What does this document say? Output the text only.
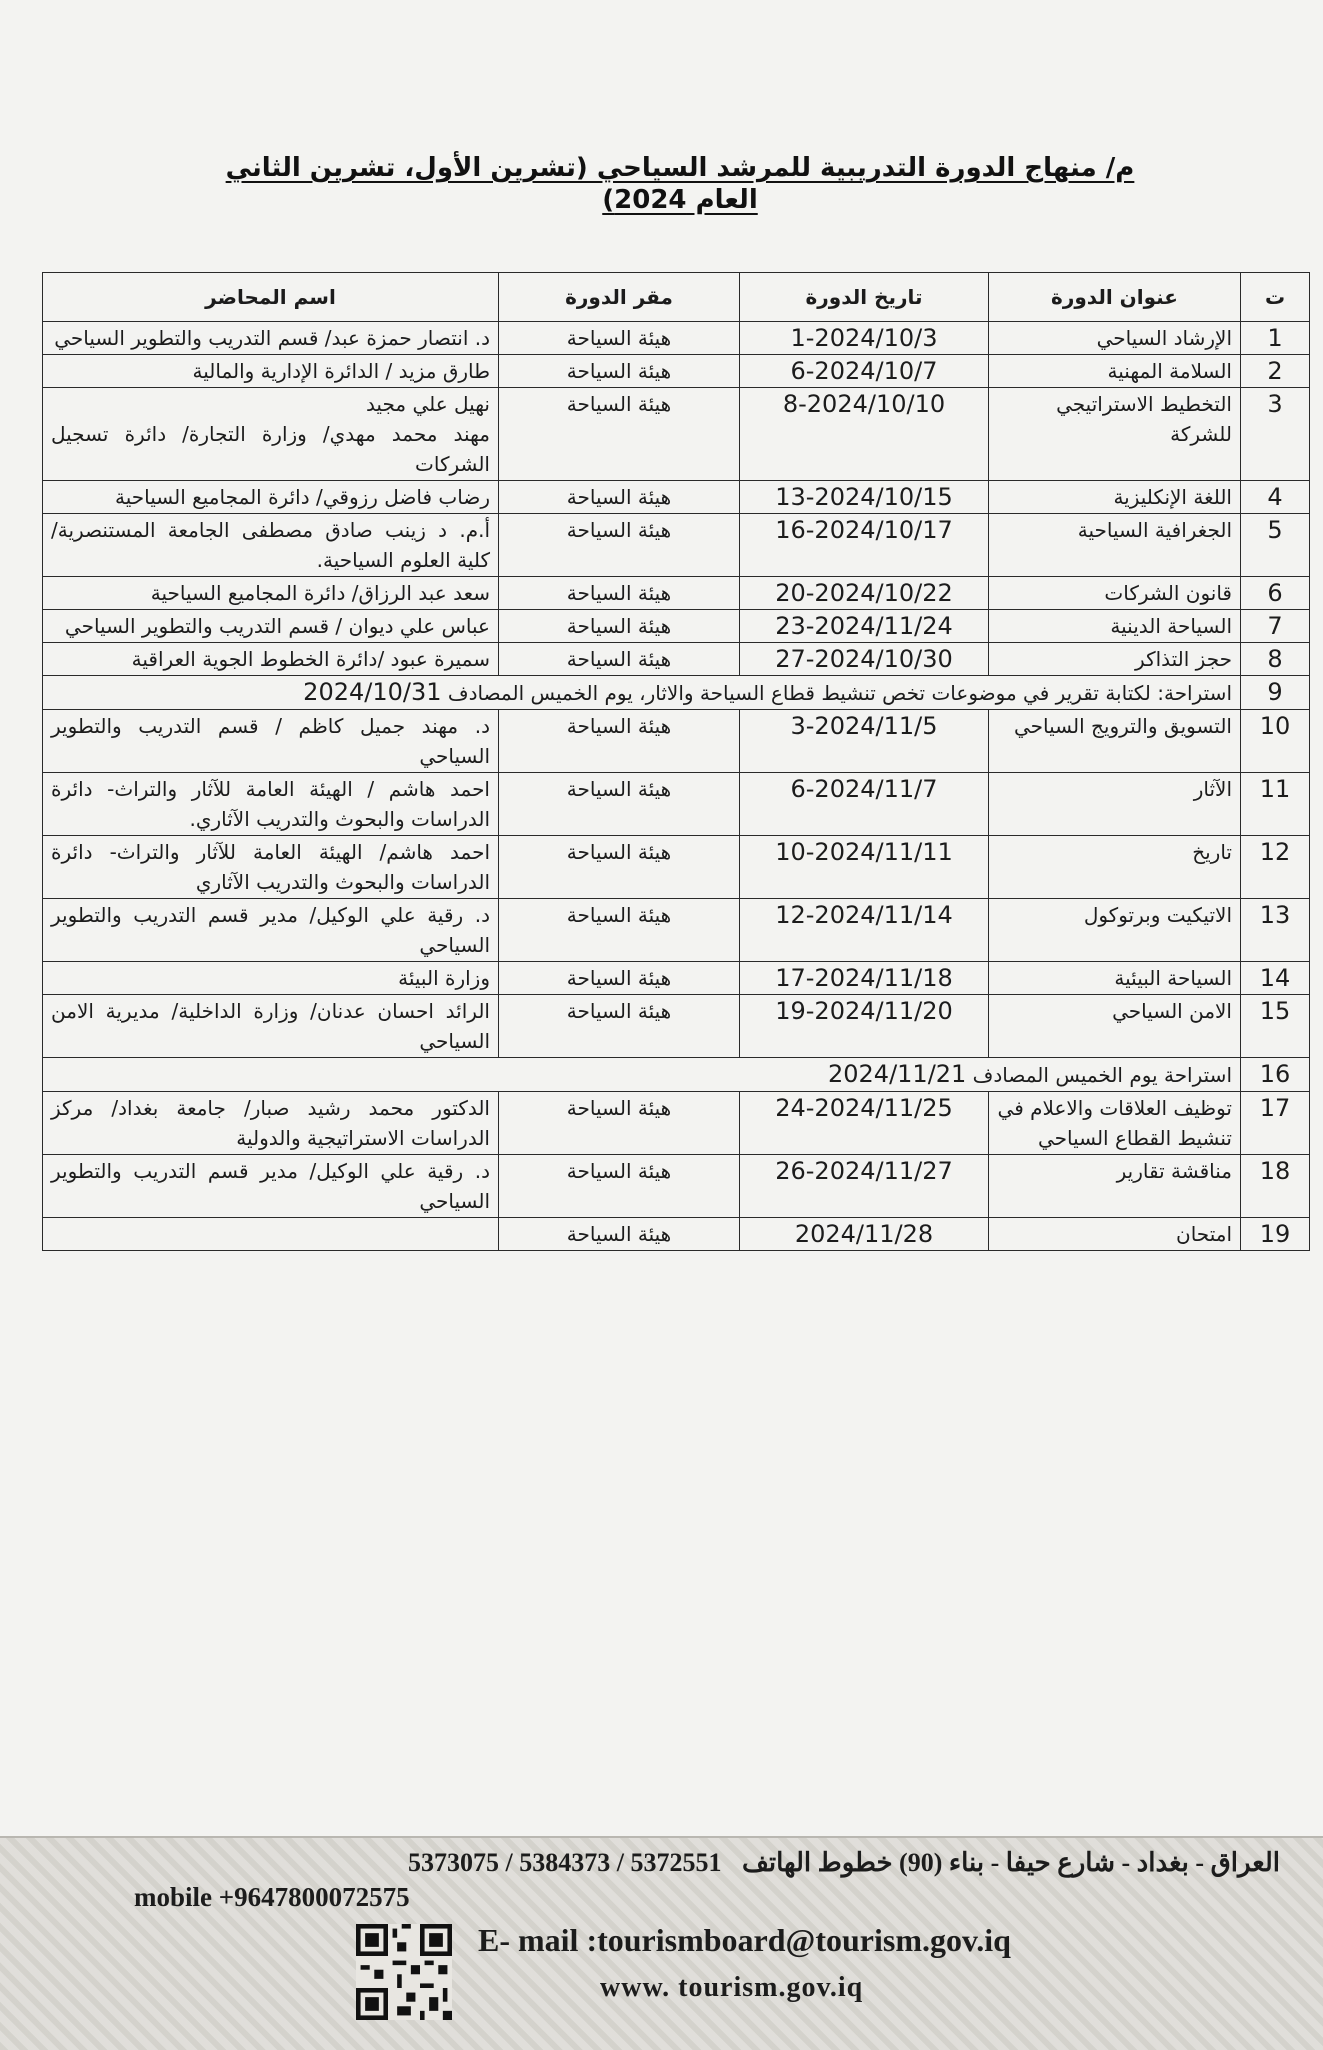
م/ منهاج الدورة التدريبية للمرشد السياحي (تشرين الأول، تشرين الثاني العام 2024)
ت	عنوان الدورة	تاريخ الدورة	مقر الدورة	اسم المحاضر
1	الإرشاد السياحي	1-2024/10/3	هيئة السياحة	د. انتصار حمزة عبد/ قسم التدريب والتطوير السياحي
2	السلامة المهنية	6-2024/10/7	هيئة السياحة	طارق مزيد / الدائرة الإدارية والمالية
3	التخطيط الاستراتيجي للشركة	8-2024/10/10	هيئة السياحة	نهيل علي مجيد
مهند محمد مهدي/ وزارة التجارة/ دائرة تسجيل الشركات
4	اللغة الإنكليزية	13-2024/10/15	هيئة السياحة	رضاب فاضل رزوقي/ دائرة المجاميع السياحية
5	الجغرافية السياحية	16-2024/10/17	هيئة السياحة	أ.م. د زينب صادق مصطفى الجامعة المستنصرية/ كلية العلوم السياحية.
6	قانون الشركات	20-2024/10/22	هيئة السياحة	سعد عبد الرزاق/ دائرة المجاميع السياحية
7	السياحة الدينية	23-2024/11/24	هيئة السياحة	عباس علي ديوان / قسم التدريب والتطوير السياحي
8	حجز التذاكر	27-2024/10/30	هيئة السياحة	سميرة عبود /دائرة الخطوط الجوية العراقية
9	استراحة: لكتابة تقرير في موضوعات تخص تنشيط قطاع السياحة والاثار، يوم الخميس المصادف 2024/10/31			
10	التسويق والترويج السياحي	3-2024/11/5	هيئة السياحة	د. مهند جميل كاظم / قسم التدريب والتطوير السياحي
11	الآثار	6-2024/11/7	هيئة السياحة	احمد هاشم / الهيئة العامة للآثار والتراث- دائرة الدراسات والبحوث والتدريب الآثاري.
12	تاريخ	10-2024/11/11	هيئة السياحة	احمد هاشم/ الهيئة العامة للآثار والتراث- دائرة الدراسات والبحوث والتدريب الآثاري
13	الاتيكيت وبرتوكول	12-2024/11/14	هيئة السياحة	د. رقية علي الوكيل/ مدير قسم التدريب والتطوير السياحي
14	السياحة البيئية	17-2024/11/18	هيئة السياحة	وزارة البيئة
15	الامن السياحي	19-2024/11/20	هيئة السياحة	الرائد احسان عدنان/ وزارة الداخلية/ مديرية الامن السياحي
16	استراحة يوم الخميس المصادف 2024/11/21			
17	توظيف العلاقات والاعلام في تنشيط القطاع السياحي	24-2024/11/25	هيئة السياحة	الدكتور محمد رشيد صبار/ جامعة بغداد/ مركز الدراسات الاستراتيجية والدولية
18	مناقشة تقارير	26-2024/11/27	هيئة السياحة	د. رقية علي الوكيل/ مدير قسم التدريب والتطوير السياحي
19	امتحان	2024/11/28	هيئة السياحة	
العراق - بغداد - شارع حيفا - بناء (90) خطوط الهاتف 5373075 / 5384373 / 5372551
mobile +9647800072575
E- mail :tourismboard@tourism.gov.iq
www. tourism.gov.iq
